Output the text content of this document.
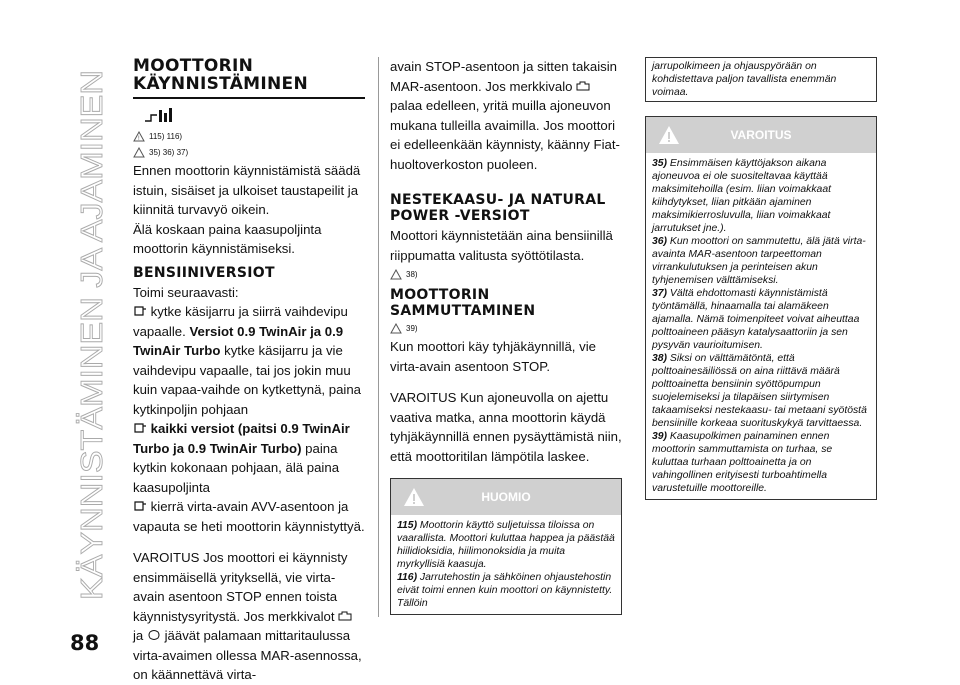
KÄYNNISTÄMINEN JA AJAMINEN
88
MOOTTORIN KÄYNNISTÄMINEN
! 115) 116)
35) 36) 37)

Ennen moottorin käynnistämistä säädä istuin, sisäiset ja ulkoiset taustapeilit ja kiinnitä turvavyö oikein.

Älä koskaan paina kaasupoljinta moottorin käynnistämiseksi.

BENSIINIVERSIOT

Toimi seuraavasti:

kytke käsijarru ja siirrä vaihdevipu vapaalle. Versiot 0.9 TwinAir ja 0.9 TwinAir Turbo kytke käsijarru ja vie vaihdevipu vapaalle, tai jos jokin muu kuin vapaa-vaihde on kytkettynä, paina kytkinpoljin pohjaan

kaikki versiot (paitsi 0.9 TwinAir Turbo ja 0.9 TwinAir Turbo) paina kytkin kokonaan pohjaan, älä paina kaasupoljinta

kierrä virta-avain AVV-asentoon ja vapauta se heti moottorin käynnistyttyä.

VAROITUS Jos moottori ei käynnisty ensimmäisellä yrityksellä, vie virta-avain asentoon STOP ennen toista käynnistysyritystä. Jos merkkivalot  ja jäävät palamaan mittaritaulussa virta-avaimen ollessa MAR-asennossa, on käännettävä virta-

avain STOP-asentoon ja sitten takaisin MAR-asentoon. Jos merkkivalo  palaa edelleen, yritä muilla ajoneuvon mukana tulleilla avaimilla. Jos moottori ei edelleenkään käynnisty, käänny Fiat-huoltoverkoston puoleen.

NESTEKAASU- JA NATURAL POWER -VERSIOT

Moottori käynnistetään aina bensiinillä riippumatta valitusta syöttötilasta.

38)
MOOTTORIN SAMMUTTAMINEN
39)

Kun moottori käy tyhjäkäynnillä, vie virta-avain asentoon STOP.

VAROITUS Kun ajoneuvolla on ajettu vaativa matka, anna moottorin käydä tyhjäkäynnillä ennen pysäyttämistä niin, että moottoritilan lämpötila laskee.

HUOMIO
115) Moottorin käyttö suljetuissa tiloissa on vaarallista. Moottori kuluttaa happea ja päästää hiilidioksidia, hiilimonoksidia ja muita myrkyllisiä kaasuja.
116) Jarrutehostin ja sähköinen ohjaustehostin eivät toimi ennen kuin moottori on käynnistetty. Tällöin
jarrupolkimeen ja ohjauspyörään on kohdistettava paljon tavallista enemmän voimaa.
VAROITUS
35) Ensimmäisen käyttöjakson aikana ajoneuvoa ei ole suositeltavaa käyttää maksimitehoilla (esim. liian voimakkaat kiihdytykset, liian pitkään ajaminen maksimikierrosluvulla, liian voimakkaat jarrutukset jne.).
36) Kun moottori on sammutettu, älä jätä virta-avainta MAR-asentoon tarpeettoman virrankulutuksen ja perinteisen akun tyhjenemisen välttämiseksi.
37) Vältä ehdottomasti käynnistämistä työntämällä, hinaamalla tai alamäkeen ajamalla. Nämä toimenpiteet voivat aiheuttaa polttoaineen pääsyn katalysaattoriin ja sen pysyvän vaurioitumisen.
38) Siksi on välttämätöntä, että polttoainesäiliössä on aina riittävä määrä polttoainetta bensiinin syöttöpumpun suojelemiseksi ja tilapäisen siirtymisen takaamiseksi nestekaasu- tai metaani syötöstä bensiinille korkeaa suorituskykyä tarvittaessa.
39) Kaasupolkimen painaminen ennen moottorin sammuttamista on turhaa, se kuluttaa turhaan polttoainetta ja on vahingollinen erityisesti turboahtimella varustetuille moottoreille.
